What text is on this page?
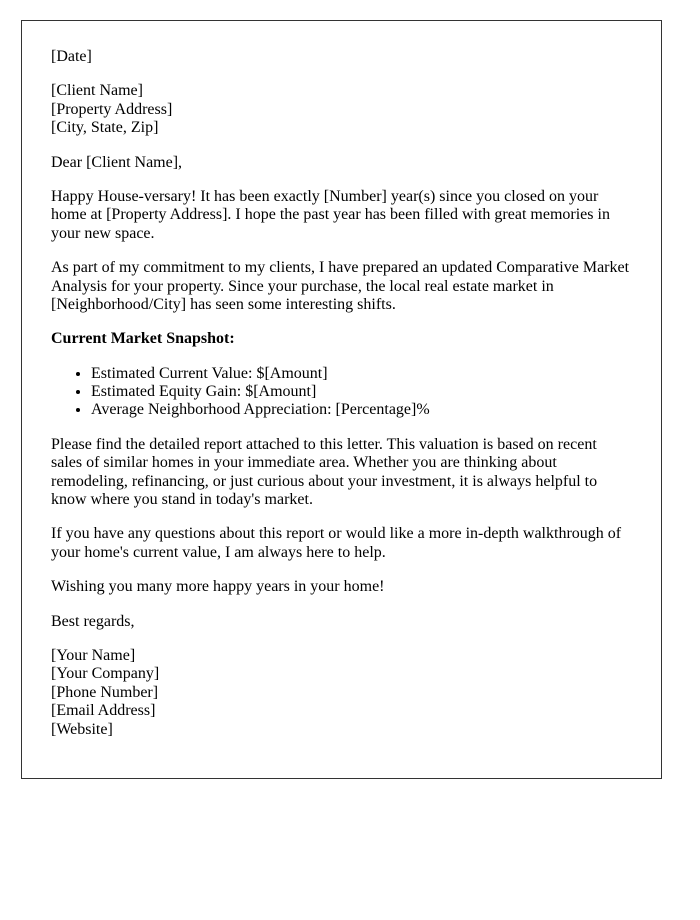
[Date]

[Client Name]
[Property Address]
[City, State, Zip]

Dear [Client Name],

Happy House-versary! It has been exactly [Number] year(s) since you closed on your home at [Property Address]. I hope the past year has been filled with great memories in your new space.

As part of my commitment to my clients, I have prepared an updated Comparative Market Analysis for your property. Since your purchase, the local real estate market in [Neighborhood/City] has seen some interesting shifts.

Current Market Snapshot:

• Estimated Current Value: $[Amount]
• Estimated Equity Gain: $[Amount]
• Average Neighborhood Appreciation: [Percentage]%

Please find the detailed report attached to this letter. This valuation is based on recent sales of similar homes in your immediate area. Whether you are thinking about remodeling, refinancing, or just curious about your investment, it is always helpful to know where you stand in today's market.

If you have any questions about this report or would like a more in-depth walkthrough of your home's current value, I am always here to help.

Wishing you many more happy years in your home!

Best regards,

[Your Name]
[Your Company]
[Phone Number]
[Email Address]
[Website]
